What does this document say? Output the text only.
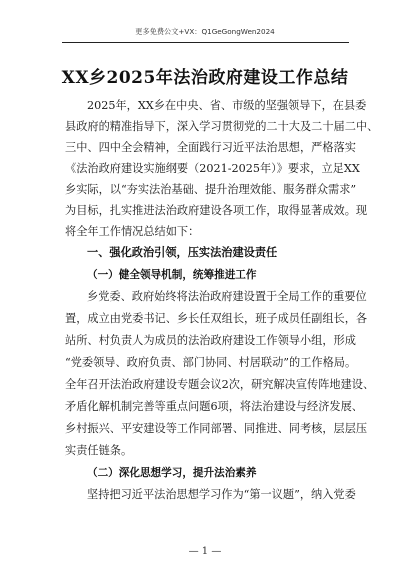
更多免费公文+VX：Q1GeGongWen2024
XX乡2025年法治政府建设工作总结
2025年，XX乡在中央、省、市级的坚强领导下，在县委
县政府的精准指导下，深入学习贯彻党的二十大及二十届二中、
三中、四中全会精神，全面践行习近平法治思想，严格落实
《法治政府建设实施纲要（2021-2025年）》要求，立足XX
乡实际，以“夯实法治基础、提升治理效能、服务群众需求”
为目标，扎实推进法治政府建设各项工作，取得显著成效。现
将全年工作情况总结如下：
一、强化政治引领，压实法治建设责任
（一）健全领导机制，统筹推进工作
乡党委、政府始终将法治政府建设置于全局工作的重要位
置，成立由党委书记、乡长任双组长，班子成员任副组长，各
站所、村负责人为成员的法治政府建设工作领导小组，形成
“党委领导、政府负责、部门协同、村居联动”的工作格局。
全年召开法治政府建设专题会议2次，研究解决宣传阵地建设、
矛盾化解机制完善等重点问题6项，将法治建设与经济发展、
乡村振兴、平安建设等工作同部署、同推进、同考核，层层压
实责任链条。
（二）深化思想学习，提升法治素养
坚持把习近平法治思想学习作为“第一议题”，纳入党委
— 1 —
